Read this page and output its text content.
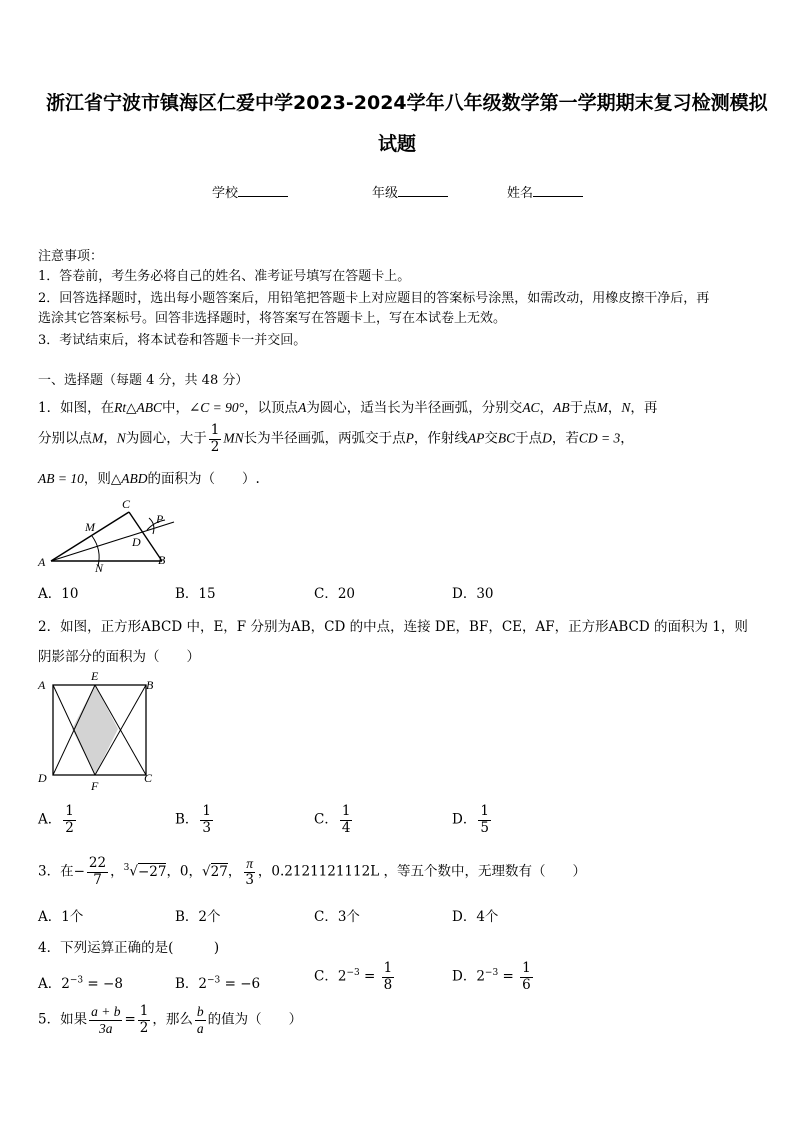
浙江省宁波市镇海区仁爱中学2023-2024学年八年级数学第一学期期末复习检测模拟
试题
学校	年级	姓名
注意事项：
1．答卷前，考生务必将自己的姓名、准考证号填写在答题卡上。
2．回答选择题时，选出每小题答案后，用铅笔把答题卡上对应题目的答案标号涂黑，如需改动，用橡皮擦干净后，再
选涂其它答案标号。回答非选择题时，将答案写在答题卡上，写在本试卷上无效。
3．考试结束后，将本试卷和答题卡一并交回。
一、选择题（每题 4 分，共 48 分）
1．如图，在Rt△ABC中，∠C = 90°，以顶点A为圆心，适当长为半径画弧，分别交AC，AB于点M，N，再
分别以点M，N为圆心，大于 $\frac{1}{2}$ MN长为半径画弧，两弧交于点P，作射线AP交BC于点D，若CD = 3，
AB = 10，则△ABD的面积为（　　）.
A	B
C
M
N
D
P
A．10	B．15	C．20	D．30
2．如图，正方形ABCD 中，E，F 分别为AB，CD 的中点，连接 DE，BF，CE，AF，正方形ABCD 的面积为 1，则
阴影部分的面积为（　　）
A	B
C
D
E
F
A． $\frac{1}{2}$	B． $\frac{1}{3}$	C． $\frac{1}{4}$	D． $\frac{1}{5}$
3．在− $\frac{22}{7}$ ，$^3$√−27，0，√27， $\frac{\pi}{3}$ ，0.2121121112L ，等五个数中，无理数有（　　）
A．1个	B．2个	C．3个	D．4个
4．下列运算正确的是(　　　)
A．$2^{-3} = -8$	B．$2^{-3} = -6$	C．$2^{-3} = \frac{1}{8}$	D．$2^{-3} = \frac{1}{6}$
5．如果 $\frac{a + b}{3a} = \frac{1}{2}$ ，那么 $\frac{b}{a}$ 的值为（　　）
